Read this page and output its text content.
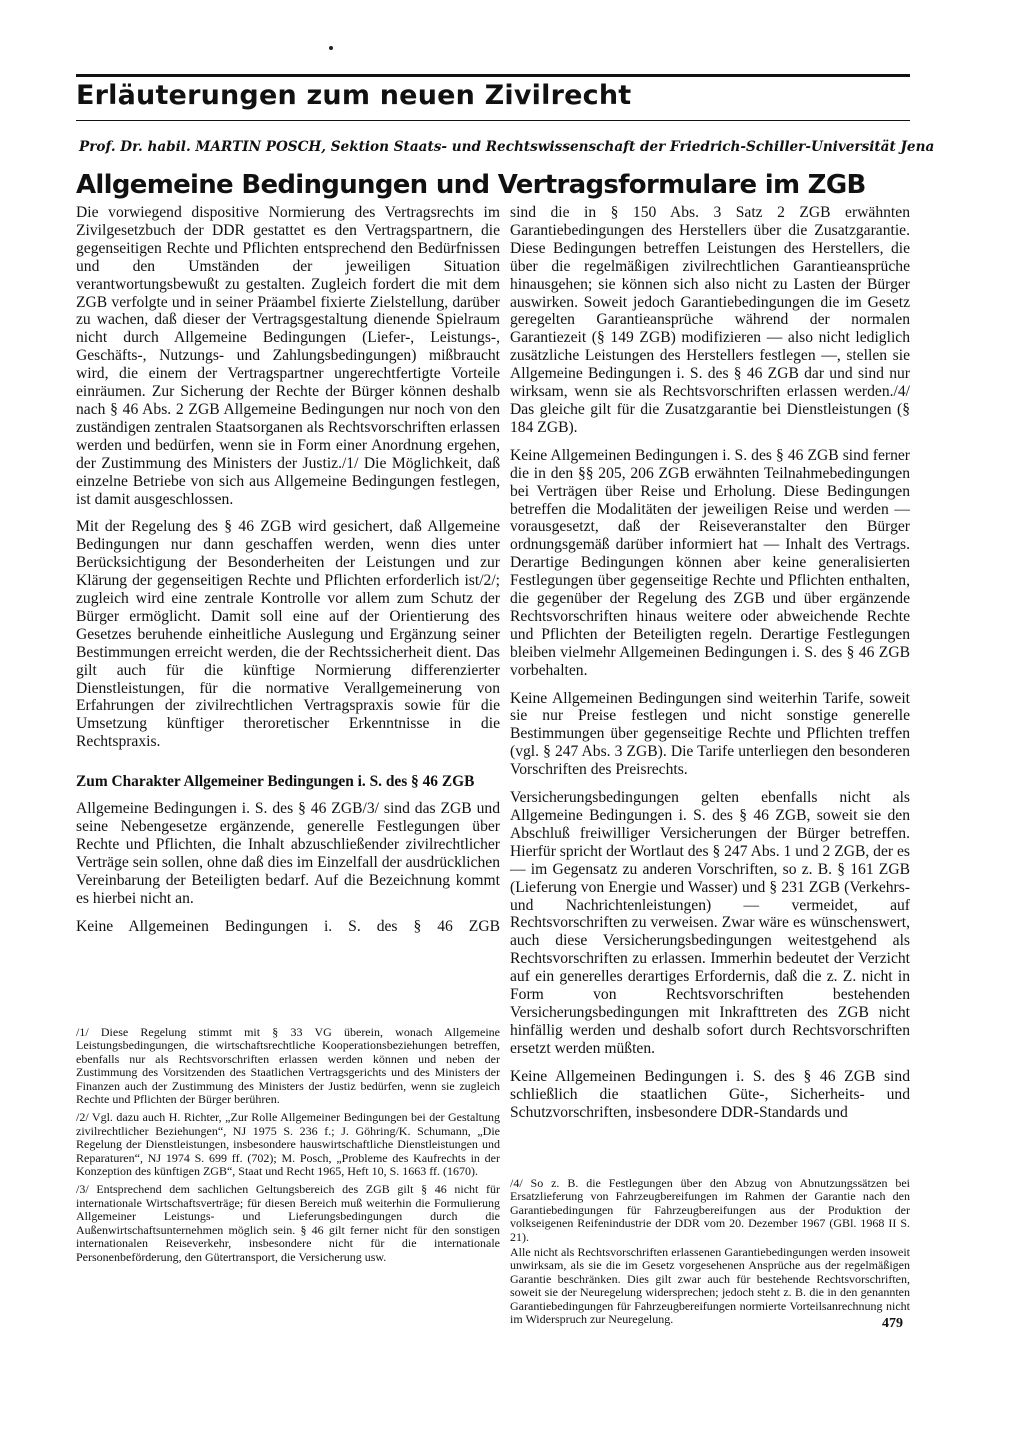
Erläuterungen zum neuen Zivilrecht

Prof. Dr. habil. MARTIN POSCH, Sektion Staats- und Rechtswissenschaft der Friedrich-Schiller-Universität Jena

Allgemeine Bedingungen und Vertragsformulare im ZGB

Die vorwiegend dispositive Normierung des Vertragsrechts im Zivilgesetzbuch der DDR gestattet es den Vertragspartnern, die gegenseitigen Rechte und Pflichten entsprechend den Bedürfnissen und den Umständen der jeweiligen Situation verantwortungsbewußt zu gestalten. Zugleich fordert die mit dem ZGB verfolgte und in seiner Präambel fixierte Zielstellung, darüber zu wachen, daß dieser der Vertragsgestaltung dienende Spielraum nicht durch Allgemeine Bedingungen (Liefer-, Leistungs-, Geschäfts-, Nutzungs- und Zahlungsbedingungen) mißbraucht wird, die einem der Vertragspartner ungerechtfertigte Vorteile einräumen. Zur Sicherung der Rechte der Bürger können deshalb nach § 46 Abs. 2 ZGB Allgemeine Bedingungen nur noch von den zuständigen zentralen Staatsorganen als Rechtsvorschriften erlassen werden und bedürfen, wenn sie in Form einer Anordnung ergehen, der Zustimmung des Ministers der Justiz./1/ Die Möglichkeit, daß einzelne Betriebe von sich aus Allgemeine Bedingungen festlegen, ist damit ausgeschlossen.

Mit der Regelung des § 46 ZGB wird gesichert, daß Allgemeine Bedingungen nur dann geschaffen werden, wenn dies unter Berücksichtigung der Besonderheiten der Leistungen und zur Klärung der gegenseitigen Rechte und Pflichten erforderlich ist/2/; zugleich wird eine zentrale Kontrolle vor allem zum Schutz der Bürger ermöglicht. Damit soll eine auf der Orientierung des Gesetzes beruhende einheitliche Auslegung und Ergänzung seiner Bestimmungen erreicht werden, die der Rechtssicherheit dient. Das gilt auch für die künftige Normierung differenzierter Dienstleistungen, für die normative Verallgemeinerung von Erfahrungen der zivilrechtlichen Vertragspraxis sowie für die Umsetzung künftiger theroretischer Erkenntnisse in die Rechtspraxis.

Zum Charakter Allgemeiner Bedingungen i. S. des § 46 ZGB

Allgemeine Bedingungen i. S. des § 46 ZGB/3/ sind das ZGB und seine Nebengesetze ergänzende, generelle Festlegungen über Rechte und Pflichten, die Inhalt abzuschließender zivilrechtlicher Verträge sein sollen, ohne daß dies im Einzelfall der ausdrücklichen Vereinbarung der Beteiligten bedarf. Auf die Bezeichnung kommt es hierbei nicht an.

Keine Allgemeinen Bedingungen i. S. des § 46 ZGB

sind die in § 150 Abs. 3 Satz 2 ZGB erwähnten Garantiebedingungen des Herstellers über die Zusatzgarantie. Diese Bedingungen betreffen Leistungen des Herstellers, die über die regelmäßigen zivilrechtlichen Garantieansprüche hinausgehen; sie können sich also nicht zu Lasten der Bürger auswirken. Soweit jedoch Garantiebedingungen die im Gesetz geregelten Garantieansprüche während der normalen Garantiezeit (§ 149 ZGB) modifizieren — also nicht lediglich zusätzliche Leistungen des Herstellers festlegen —, stellen sie Allgemeine Bedingungen i. S. des § 46 ZGB dar und sind nur wirksam, wenn sie als Rechtsvorschriften erlassen werden./4/ Das gleiche gilt für die Zusatzgarantie bei Dienstleistungen (§ 184 ZGB).

Keine Allgemeinen Bedingungen i. S. des § 46 ZGB sind ferner die in den §§ 205, 206 ZGB erwähnten Teilnahmebedingungen bei Verträgen über Reise und Erholung. Diese Bedingungen betreffen die Modalitäten der jeweiligen Reise und werden — vorausgesetzt, daß der Reiseveranstalter den Bürger ordnungsgemäß darüber informiert hat — Inhalt des Vertrags. Derartige Bedingungen können aber keine generalisierten Festlegungen über gegenseitige Rechte und Pflichten enthalten, die gegenüber der Regelung des ZGB und über ergänzende Rechtsvorschriften hinaus weitere oder abweichende Rechte und Pflichten der Beteiligten regeln. Derartige Festlegungen bleiben vielmehr Allgemeinen Bedingungen i. S. des § 46 ZGB vorbehalten.

Keine Allgemeinen Bedingungen sind weiterhin Tarife, soweit sie nur Preise festlegen und nicht sonstige generelle Bestimmungen über gegenseitige Rechte und Pflichten treffen (vgl. § 247 Abs. 3 ZGB). Die Tarife unterliegen den besonderen Vorschriften des Preisrechts.

Versicherungsbedingungen gelten ebenfalls nicht als Allgemeine Bedingungen i. S. des § 46 ZGB, soweit sie den Abschluß freiwilliger Versicherungen der Bürger betreffen. Hierfür spricht der Wortlaut des § 247 Abs. 1 und 2 ZGB, der es — im Gegensatz zu anderen Vorschriften, so z. B. § 161 ZGB (Lieferung von Energie und Wasser) und § 231 ZGB (Verkehrs- und Nachrichtenleistungen) — vermeidet, auf Rechtsvorschriften zu verweisen. Zwar wäre es wünschenswert, auch diese Versicherungsbedingungen weitestgehend als Rechtsvorschriften zu erlassen. Immerhin bedeutet der Verzicht auf ein generelles derartiges Erfordernis, daß die z. Z. nicht in Form von Rechtsvorschriften bestehenden Versicherungsbedingungen mit Inkrafttreten des ZGB nicht hinfällig werden und deshalb sofort durch Rechtsvorschriften ersetzt werden müßten.

Keine Allgemeinen Bedingungen i. S. des § 46 ZGB sind schließlich die staatlichen Güte-, Sicherheits- und Schutzvorschriften, insbesondere DDR-Standards und

/1/ Diese Regelung stimmt mit § 33 VG überein, wonach Allgemeine Leistungsbedingungen, die wirtschaftsrechtliche Kooperationsbeziehungen betreffen, ebenfalls nur als Rechtsvorschriften erlassen werden können und neben der Zustimmung des Vorsitzenden des Staatlichen Vertragsgerichts und des Ministers der Finanzen auch der Zustimmung des Ministers der Justiz bedürfen, wenn sie zugleich Rechte und Pflichten der Bürger berühren.

/2/ Vgl. dazu auch H. Richter, „Zur Rolle Allgemeiner Bedingungen bei der Gestaltung zivilrechtlicher Beziehungen“, NJ 1975 S. 236 f.; J. Göhring/K. Schumann, „Die Regelung der Dienstleistungen, insbesondere hauswirtschaftliche Dienstleistungen und Reparaturen“, NJ 1974 S. 699 ff. (702); M. Posch, „Probleme des Kaufrechts in der Konzeption des künftigen ZGB“, Staat und Recht 1965, Heft 10, S. 1663 ff. (1670).

/3/ Entsprechend dem sachlichen Geltungsbereich des ZGB gilt § 46 nicht für internationale Wirtschaftsverträge; für diesen Bereich muß weiterhin die Formulierung Allgemeiner Leistungs- und Lieferungsbedingungen durch die Außenwirtschaftsunternehmen möglich sein. § 46 gilt ferner nicht für den sonstigen internationalen Reiseverkehr, insbesondere nicht für die internationale Personenbeförderung, den Gütertransport, die Versicherung usw.

/4/ So z. B. die Festlegungen über den Abzug von Abnutzungssätzen bei Ersatzlieferung von Fahrzeugbereifungen im Rahmen der Garantie nach den Garantiebedingungen für Fahrzeugbereifungen aus der Produktion der volkseigenen Reifenindustrie der DDR vom 20. Dezember 1967 (GBl. 1968 II S. 21).

Alle nicht als Rechtsvorschriften erlassenen Garantiebedingungen werden insoweit unwirksam, als sie die im Gesetz vorgesehenen Ansprüche aus der regelmäßigen Garantie beschränken. Dies gilt zwar auch für bestehende Rechtsvorschriften, soweit sie der Neuregelung widersprechen; jedoch steht z. B. die in den genannten Garantiebedingungen für Fahrzeugbereifungen normierte Vorteilsanrechnung nicht im Widerspruch zur Neuregelung.	479
